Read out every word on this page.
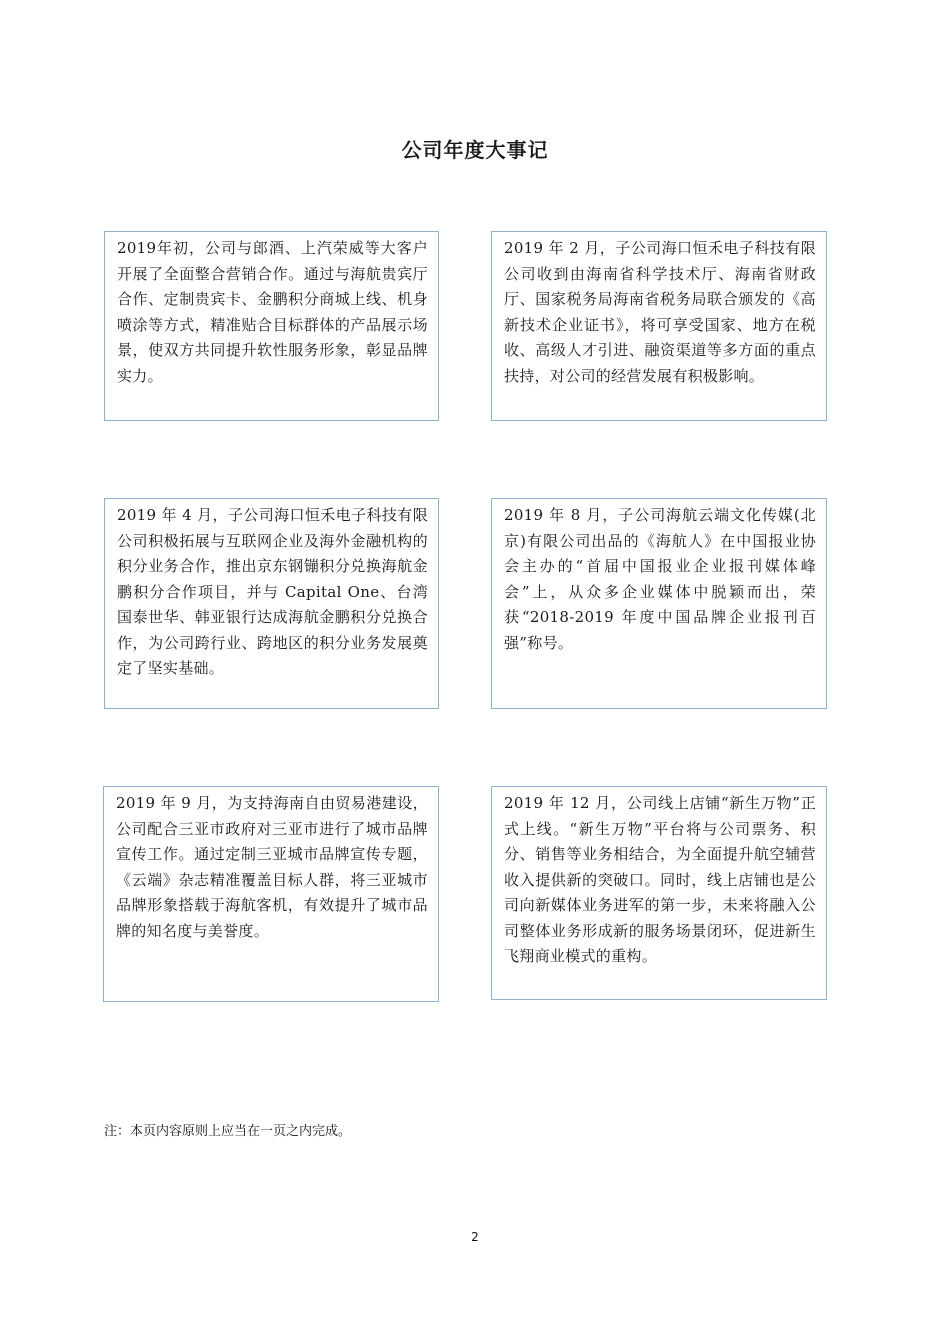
公司年度大事记
2019年初，公司与郎酒、上汽荣威等大客户开展了全面整合营销合作。通过与海航贵宾厅合作、定制贵宾卡、金鹏积分商城上线、机身喷涂等方式，精准贴合目标群体的产品展示场景，使双方共同提升软性服务形象，彰显品牌实力。
2019 年 2 月，子公司海口恒禾电子科技有限公司收到由海南省科学技术厅、海南省财政厅、国家税务局海南省税务局联合颁发的《高新技术企业证书》，将可享受国家、地方在税收、高级人才引进、融资渠道等多方面的重点扶持，对公司的经营发展有积极影响。
2019 年 4 月，子公司海口恒禾电子科技有限公司积极拓展与互联网企业及海外金融机构的积分业务合作，推出京东钢镚积分兑换海航金鹏积分合作项目，并与 Capital One、台湾国泰世华、韩亚银行达成海航金鹏积分兑换合作，为公司跨行业、跨地区的积分业务发展奠定了坚实基础。
2019 年 8 月，子公司海航云端文化传媒(北京)有限公司出品的《海航人》在中国报业协会主办的“首届中国报业企业报刊媒体峰会”上，从众多企业媒体中脱颖而出，荣获“2018-2019 年度中国品牌企业报刊百强”称号。
2019 年 9 月，为支持海南自由贸易港建设，公司配合三亚市政府对三亚市进行了城市品牌宣传工作。通过定制三亚城市品牌宣传专题，《云端》杂志精准覆盖目标人群，将三亚城市品牌形象搭载于海航客机，有效提升了城市品牌的知名度与美誉度。
2019 年 12 月，公司线上店铺“新生万物”正式上线。“新生万物”平台将与公司票务、积分、销售等业务相结合，为全面提升航空辅营收入提供新的突破口。同时，线上店铺也是公司向新媒体业务进军的第一步，未来将融入公司整体业务形成新的服务场景闭环，促进新生飞翔商业模式的重构。
注：本页内容原则上应当在一页之内完成。
2
